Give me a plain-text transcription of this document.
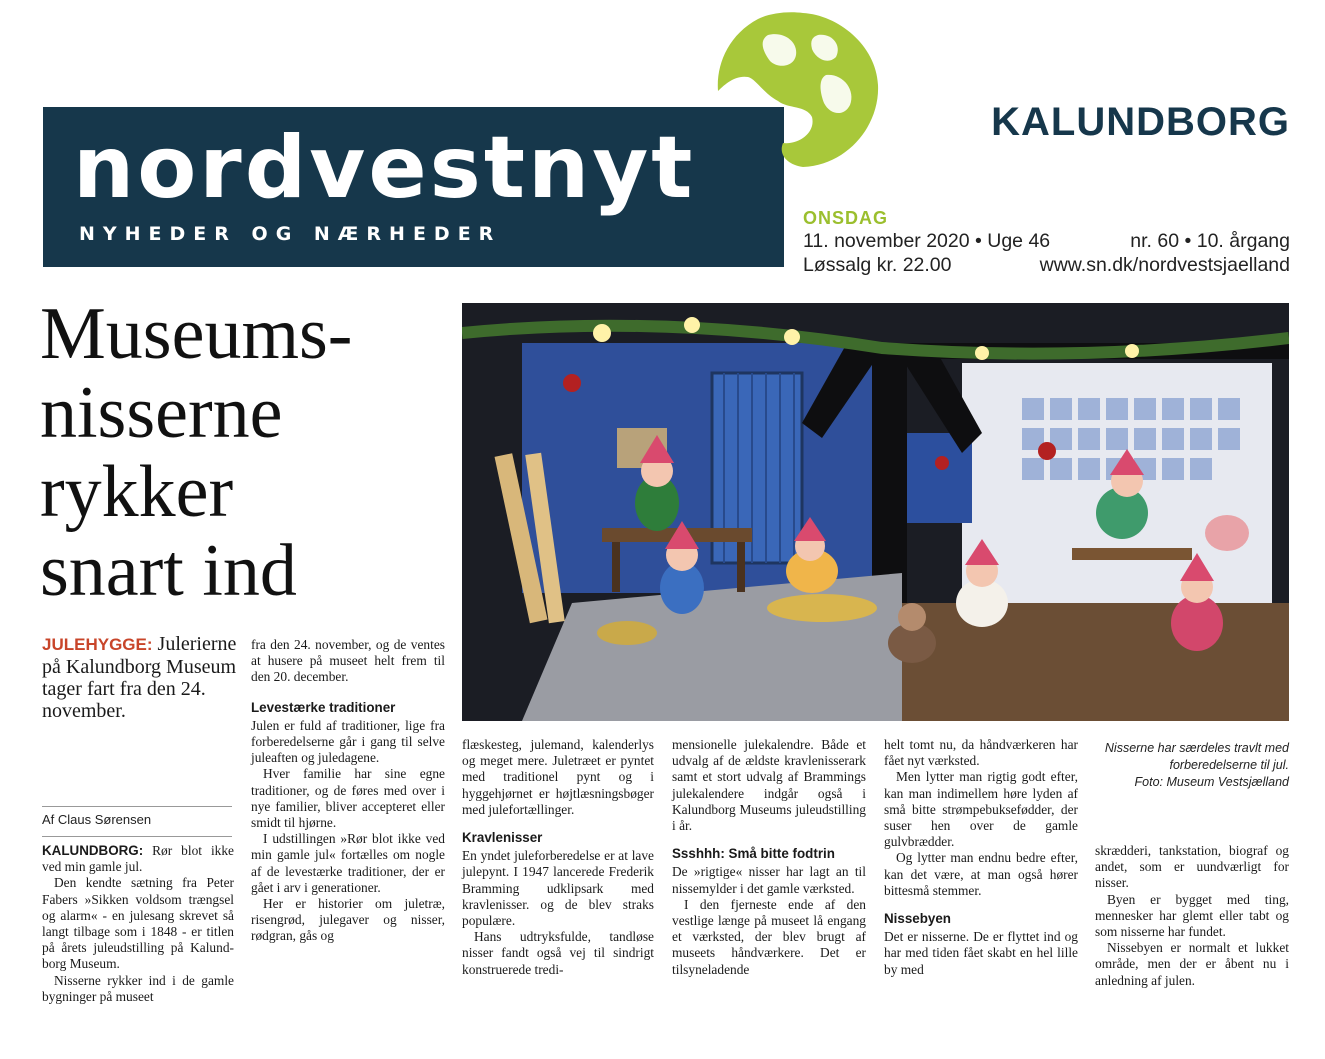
nordvestnyt
NYHEDER OG NÆRHEDER
KALUNDBORG
ONSDAG
11. november 2020 • Uge 46	nr. 60 • 10. årgang
Løssalg kr. 22.00	www.sn.dk/nordvestsjaelland
Museums-
nisserne
rykker
snart ind
JULEHYGGE: Julerierne på Kalundborg Museum tager fart fra den 24. november.
Af Claus Sørensen

KALUNDBORG: Rør blot ikke ved min gamle jul.

Den kendte sætning fra Peter Fabers »Sikken voldsom trængsel og alarm« - en julesang skrevet så langt tilbage som i 1848 - er titlen på årets juleudstilling på Kalundborg Museum.

Nisserne rykker ind i de gamle bygninger på museet

fra den 24. november, og de ventes at husere på museet helt frem til den 20. december.

Levestærke traditioner

Julen er fuld af traditioner, lige fra forberedelserne går i gang til selve juleaften og juledagene.

Hver familie har sine egne traditioner, og de føres med over i nye familier, bliver accepteret eller smidt til hjørne.

I udstillingen »Rør blot ikke ved min gamle jul« fortælles om nogle af de levestærke traditioner, der er gået i arv i generationer.

Her er historier om juletræ, risengrød, julegaver og nisser, rødgran, gås og

Nisserne har særdeles travlt med
forberedelserne til jul.
Foto: Museum Vestsjælland

flæskesteg, julemand, kalenderlys og meget mere. Juletræet er pyntet med traditionel pynt og i hyggehjørnet er højtlæsningsbøger med julefortællinger.

Kravlenisser

En yndet juleforberedelse er at lave julepynt. I 1947 lancerede Frederik Bramming udklipsark med kravlenisser. og de blev straks populære.

Hans udtryksfulde, tandløse nisser fandt også vej til sindrigt konstruerede tredi-

mensionelle julekalendre. Både et udvalg af de ældste kravlenisserark samt et stort udvalg af Brammings julekalendere indgår også i Kalundborg Museums juleudstilling i år.

Ssshhh: Små bitte fodtrin

De »rigtige« nisser har lagt an til nissemylder i det gamle værksted.

I den fjerneste ende af den vestlige længe på museet lå engang et værksted, der blev brugt af museets håndværkere. Det er tilsyneladende

helt tomt nu, da håndværkeren har fået nyt værksted.

Men lytter man rigtig godt efter, kan man indimellem høre lyden af små bitte strømpebuksefødder, der suser hen over de gamle gulvbrædder.

Og lytter man endnu bedre efter, kan det være, at man også hører bittesmå stemmer.

Nissebyen

Det er nisserne. De er flyttet ind og har med tiden fået skabt en hel lille by med

skrædderi, tankstation, biograf og andet, som er uundværligt for nisser.

Byen er bygget med ting, mennesker har glemt eller tabt og som nisserne har fundet.

Nissebyen er normalt et lukket område, men der er åbent nu i anledning af julen.
